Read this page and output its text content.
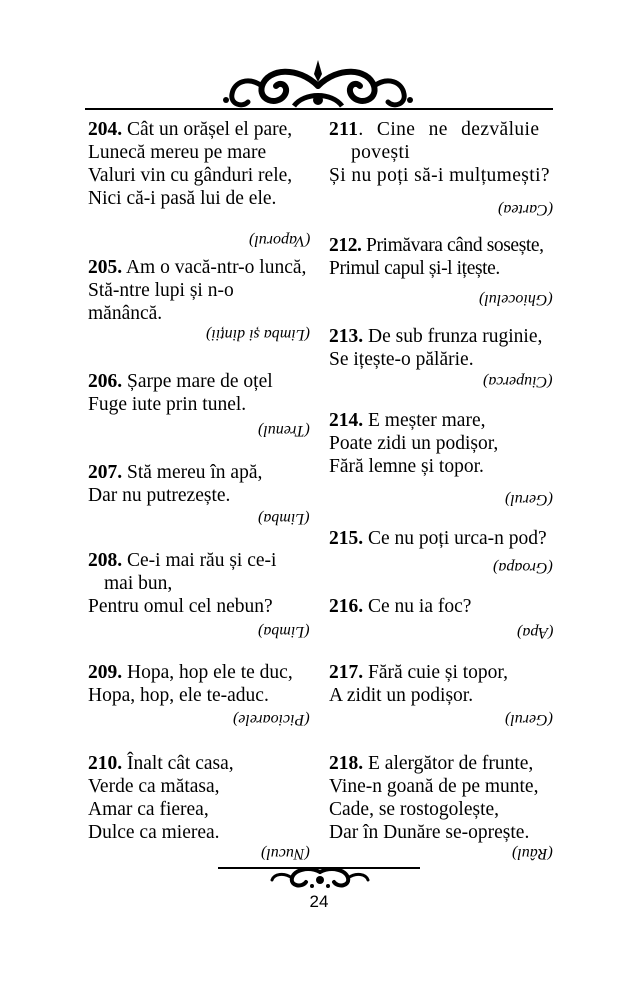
204. Cât un orășel el pare,
Lunecă mereu pe mare
Valuri vin cu gânduri rele,
Nici că-i pasă lui de ele.
(Vaporul)
205. Am o vacă-ntr-o luncă,
Stă-ntre lupi și n-o
mănâncă.
(Limba și dinții)
206. Șarpe mare de oțel
Fuge iute prin tunel.
(Trenul)
207. Stă mereu în apă,
Dar nu putrezește.
(Limba)
208. Ce-i mai rău și ce-i
mai bun,
Pentru omul cel nebun?
(Limba)
209. Hopa, hop ele te duc,
Hopa, hop, ele te-aduc.
(Picioarele)
210. Înalt cât casa,
Verde ca mătasa,
Amar ca fierea,
Dulce ca mierea.
(Nucul)
211. Cine ne dezvăluie
povești
Și nu poți să-i mulțumești?
(Cartea)
212. Primăvara când sosește,
Primul capul și-l ițește.
(Ghiocelul)
213. De sub frunza ruginie,
Se ițește-o pălărie.
(Ciuperca)
214. E meșter mare,
Poate zidi un podișor,
Fără lemne și topor.
(Gerul)
215. Ce nu poți urca-n pod?
(Groapa)
216. Ce nu ia foc?
(Apa)
217. Fără cuie și topor,
A zidit un podișor.
(Gerul)
218. E alergător de frunte,
Vine-n goană de pe munte,
Cade, se rostogolește,
Dar în Dunăre se-oprește.
(Râul)
24
